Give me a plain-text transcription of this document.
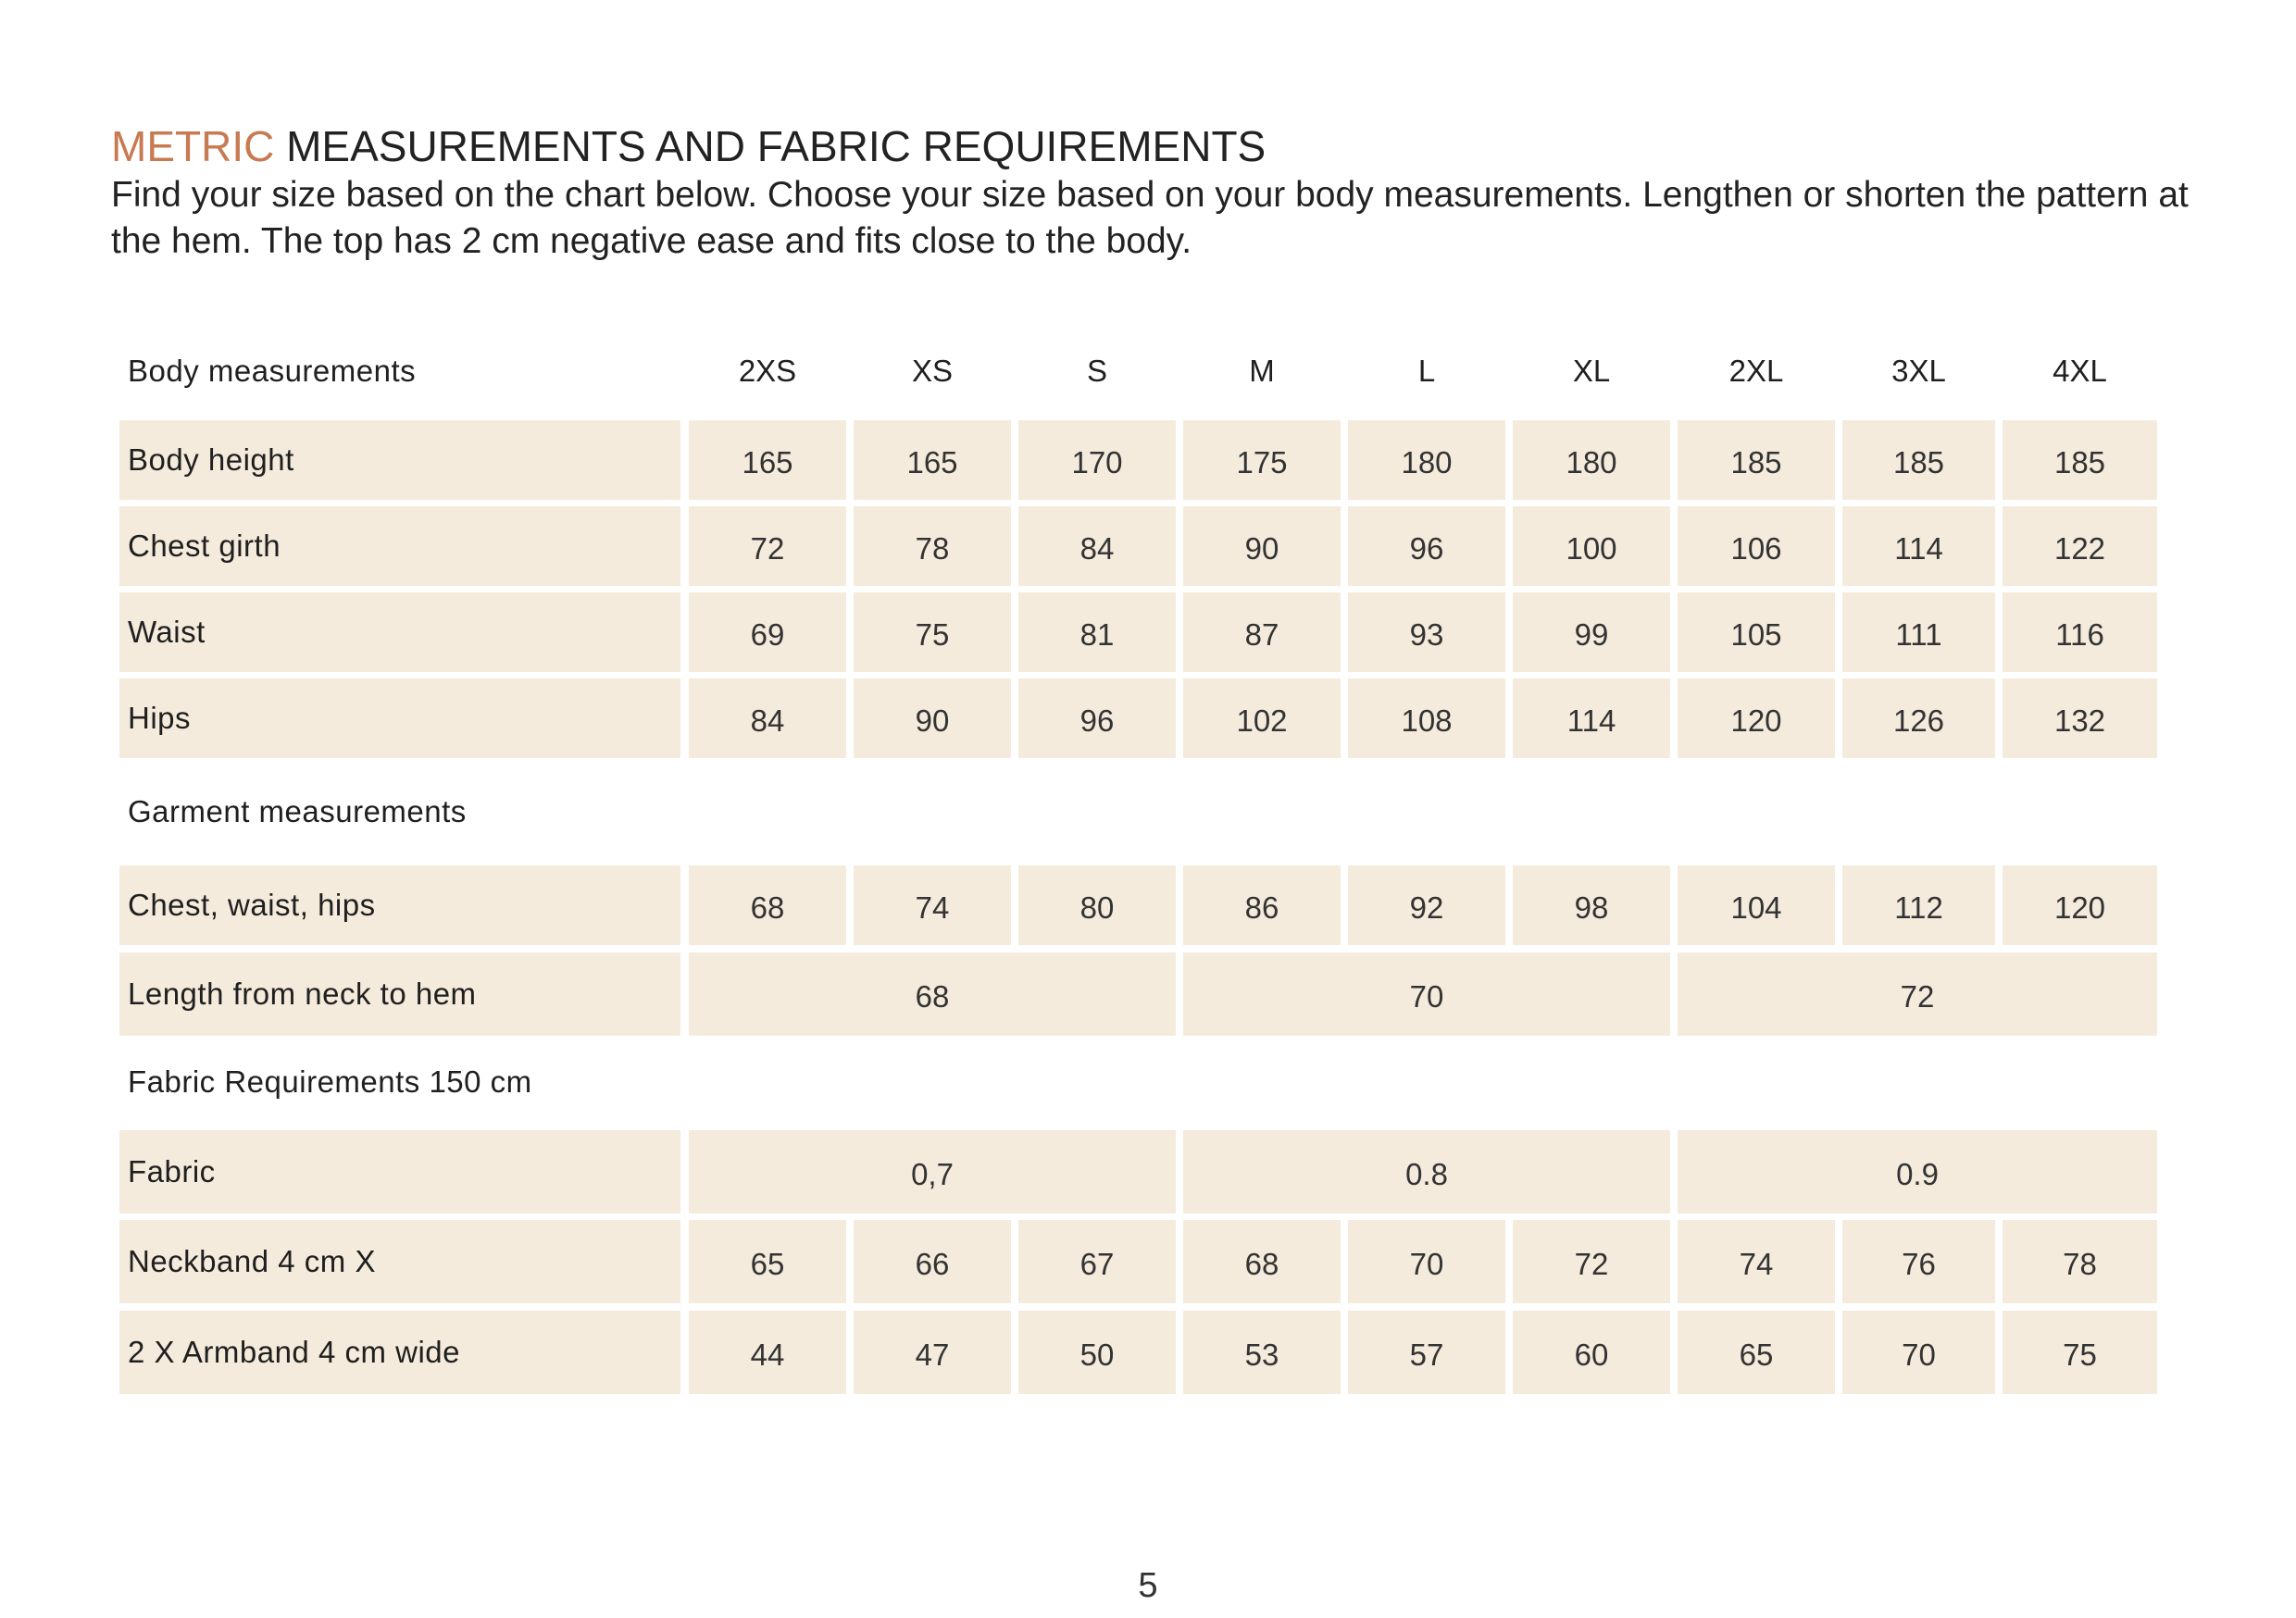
METRIC MEASUREMENTS AND FABRIC REQUIREMENTS
Find your size based on the chart below. Choose your size based on your body measurements. Lengthen or shorten the pattern at the hem. The top has 2 cm negative ease and fits close to the body.
Body measurements	2XS	XS	S	M	L	XL	2XL	3XL	4XL
Body height	165	165	170	175	180	180	185	185	185
Chest girth	72	78	84	90	96	100	106	114	122
Waist	69	75	81	87	93	99	105	111	116
Hips	84	90	96	102	108	114	120	126	132
Garment measurements
Chest, waist, hips	68	74	80	86	92	98	104	112	120
Length from neck to hem	68	70	72
Fabric Requirements 150 cm
Fabric	0,7	0.8	0.9
Neckband 4 cm X	65	66	67	68	70	72	74	76	78
2 X Armband 4 cm wide	44	47	50	53	57	60	65	70	75
5
